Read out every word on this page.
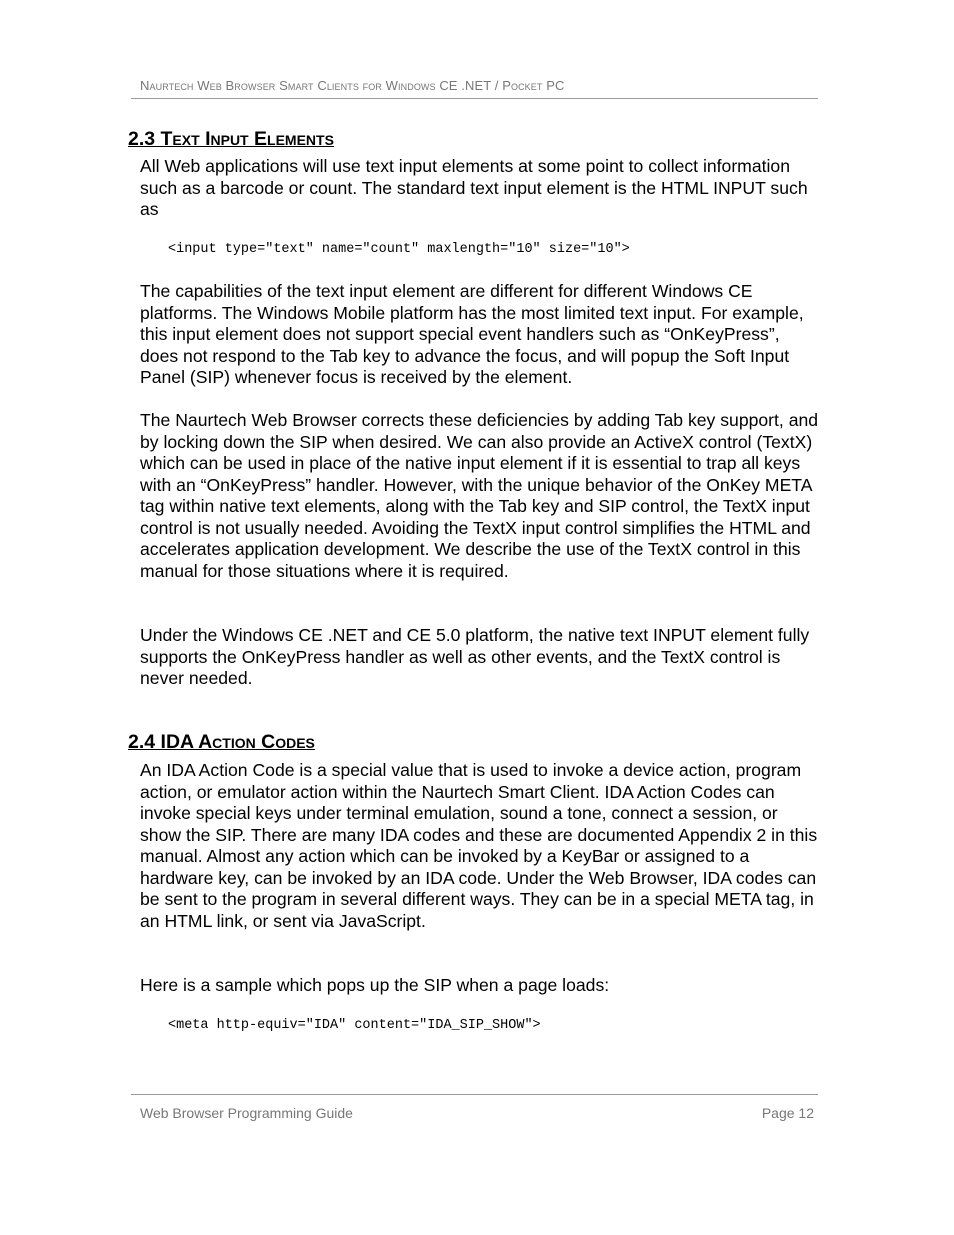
Naurtech Web Browser Smart Clients for Windows CE .NET / Pocket PC
2.3 Text Input Elements

All Web applications will use text input elements at some point to collect information such as a barcode or count. The standard text input element is the HTML INPUT such as

<input type="text" name="count" maxlength="10" size="10">

The capabilities of the text input element are different for different Windows CE platforms. The Windows Mobile platform has the most limited text input. For example, this input element does not support special event handlers such as “OnKeyPress”, does not respond to the Tab key to advance the focus, and will popup the Soft Input Panel (SIP) whenever focus is received by the element.

The Naurtech Web Browser corrects these deficiencies by adding Tab key support, and by locking down the SIP when desired. We can also provide an ActiveX control (TextX) which can be used in place of the native input element if it is essential to trap all keys with an “OnKeyPress” handler. However, with the unique behavior of the OnKey META tag within native text elements, along with the Tab key and SIP control, the TextX input control is not usually needed. Avoiding the TextX input control simplifies the HTML and accelerates application development. We describe the use of the TextX control in this manual for those situations where it is required.

Under the Windows CE .NET and CE 5.0 platform, the native text INPUT element fully supports the OnKeyPress handler as well as other events, and the TextX control is never needed.

2.4 IDA Action Codes

An IDA Action Code is a special value that is used to invoke a device action, program action, or emulator action within the Naurtech Smart Client. IDA Action Codes can invoke special keys under terminal emulation, sound a tone, connect a session, or show the SIP. There are many IDA codes and these are documented Appendix 2 in this manual. Almost any action which can be invoked by a KeyBar or assigned to a hardware key, can be invoked by an IDA code. Under the Web Browser, IDA codes can be sent to the program in several different ways. They can be in a special META tag, in an HTML link, or sent via JavaScript.

Here is a sample which pops up the SIP when a page loads:

<meta http-equiv="IDA" content="IDA_SIP_SHOW">
Web Browser Programming Guide	Page 12
